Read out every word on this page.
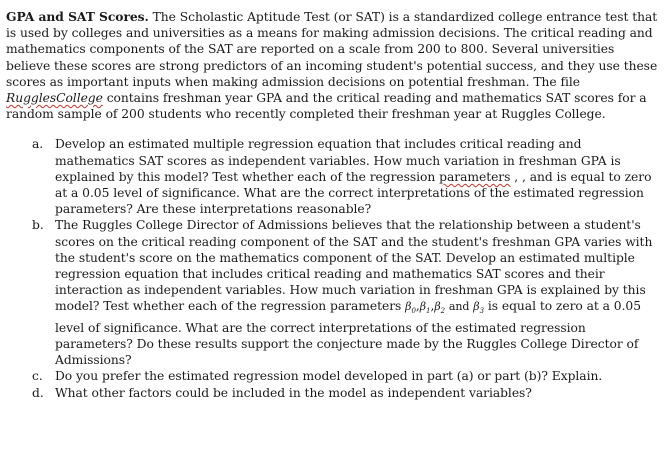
GPA and SAT Scores. The Scholastic Aptitude Test (or SAT) is a standardized college entrance test that is used by colleges and universities as a means for making admission decisions. The critical reading and mathematics components of the SAT are reported on a scale from 200 to 800. Several universities believe these scores are strong predictors of an incoming student's potential success, and they use these scores as important inputs when making admission decisions on potential freshman. The file RugglesCollege contains freshman year GPA and the critical reading and mathematics SAT scores for a random sample of 200 students who recently completed their freshman year at Ruggles College.

a. Develop an estimated multiple regression equation that includes critical reading and mathematics SAT scores as independent variables. How much variation in freshman GPA is explained by this model? Test whether each of the regression parameters , , and is equal to zero at a 0.05 level of significance. What are the correct interpretations of the estimated regression parameters? Are these interpretations reasonable?
b. The Ruggles College Director of Admissions believes that the relationship between a student's scores on the critical reading component of the SAT and the student's freshman GPA varies with the student's score on the mathematics component of the SAT. Develop an estimated multiple regression equation that includes critical reading and mathematics SAT scores and their interaction as independent variables. How much variation in freshman GPA is explained by this model? Test whether each of the regression parameters $\beta_0,\beta_1,\beta_2$ and $\beta_3$ is equal to zero at a 0.05 level of significance. What are the correct interpretations of the estimated regression parameters? Do these results support the conjecture made by the Ruggles College Director of Admissions?
c. Do you prefer the estimated regression model developed in part (a) or part (b)? Explain.
d. What other factors could be included in the model as independent variables?
